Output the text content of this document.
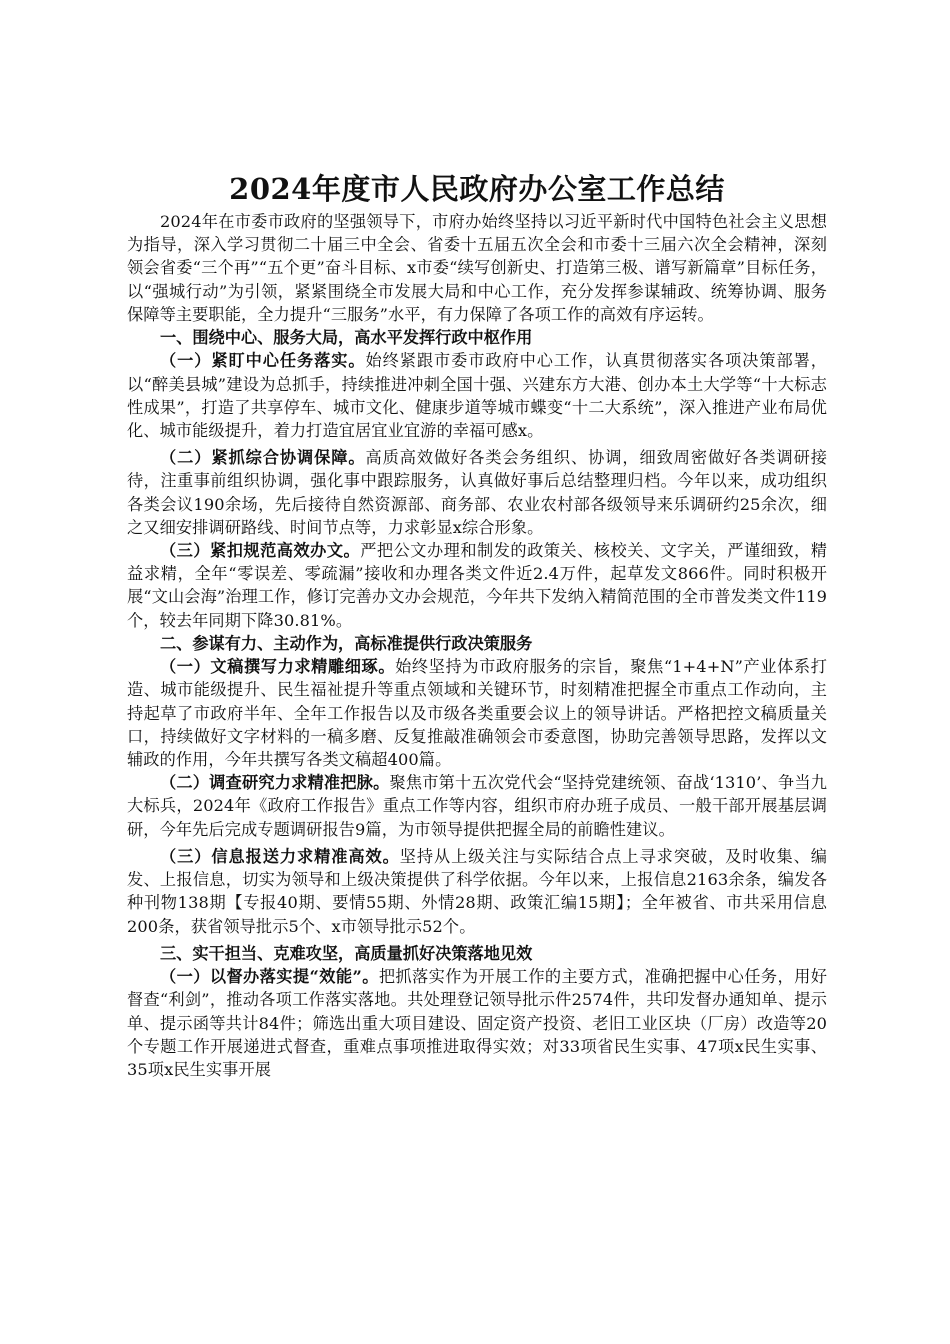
2024年度市人民政府办公室工作总结

2024年在市委市政府的坚强领导下，市府办始终坚持以习近平新时代中国特色社会主义思想为指导，深入学习贯彻二十届三中全会、省委十五届五次全会和市委十三届六次全会精神，深刻领会省委“三个再”“五个更”奋斗目标、x市委“续写创新史、打造第三极、谱写新篇章”目标任务，以“强城行动”为引领，紧紧围绕全市发展大局和中心工作，充分发挥参谋辅政、统筹协调、服务保障等主要职能，全力提升“三服务”水平，有力保障了各项工作的高效有序运转。

一、围绕中心、服务大局，高水平发挥行政中枢作用

（一）紧盯中心任务落实。始终紧跟市委市政府中心工作，认真贯彻落实各项决策部署，以“醉美县城”建设为总抓手，持续推进冲刺全国十强、兴建东方大港、创办本土大学等“十大标志性成果”，打造了共享停车、城市文化、健康步道等城市蝶变“十二大系统”，深入推进产业布局优化、城市能级提升，着力打造宜居宜业宜游的幸福可感x。

（二）紧抓综合协调保障。高质高效做好各类会务组织、协调，细致周密做好各类调研接待，注重事前组织协调，强化事中跟踪服务，认真做好事后总结整理归档。今年以来，成功组织各类会议190余场，先后接待自然资源部、商务部、农业农村部各级领导来乐调研约25余次，细之又细安排调研路线、时间节点等，力求彰显x综合形象。

（三）紧扣规范高效办文。严把公文办理和制发的政策关、核校关、文字关，严谨细致，精益求精，全年“零误差、零疏漏”接收和办理各类文件近2.4万件，起草发文866件。同时积极开展“文山会海”治理工作，修订完善办文办会规范，今年共下发纳入精简范围的全市普发类文件119个，较去年同期下降30.81%。

二、参谋有力、主动作为，高标准提供行政决策服务

（一）文稿撰写力求精雕细琢。始终坚持为市政府服务的宗旨，聚焦“1+4+N”产业体系打造、城市能级提升、民生福祉提升等重点领域和关键环节，时刻精准把握全市重点工作动向，主持起草了市政府半年、全年工作报告以及市级各类重要会议上的领导讲话。严格把控文稿质量关口，持续做好文字材料的一稿多磨、反复推敲准确领会市委意图，协助完善领导思路，发挥以文辅政的作用，今年共撰写各类文稿超400篇。

（二）调查研究力求精准把脉。聚焦市第十五次党代会“坚持党建统领、奋战‘1310’、争当九大标兵，2024年《政府工作报告》重点工作等内容，组织市府办班子成员、一般干部开展基层调研，今年先后完成专题调研报告9篇，为市领导提供把握全局的前瞻性建议。

（三）信息报送力求精准高效。坚持从上级关注与实际结合点上寻求突破，及时收集、编发、上报信息，切实为领导和上级决策提供了科学依据。今年以来，上报信息2163余条，编发各种刊物138期【专报40期、要情55期、外情28期、政策汇编15期】；全年被省、市共采用信息200条，获省领导批示5个、x市领导批示52个。

三、实干担当、克难攻坚，高质量抓好决策落地见效

（一）以督办落实提“效能”。把抓落实作为开展工作的主要方式，准确把握中心任务，用好督查“利剑”，推动各项工作落实落地。共处理登记领导批示件2574件，共印发督办通知单、提示单、提示函等共计84件；筛选出重大项目建设、固定资产投资、老旧工业区块（厂房）改造等20个专题工作开展递进式督查，重难点事项推进取得实效；对33项省民生实事、47项x民生实事、35项x民生实事开展
